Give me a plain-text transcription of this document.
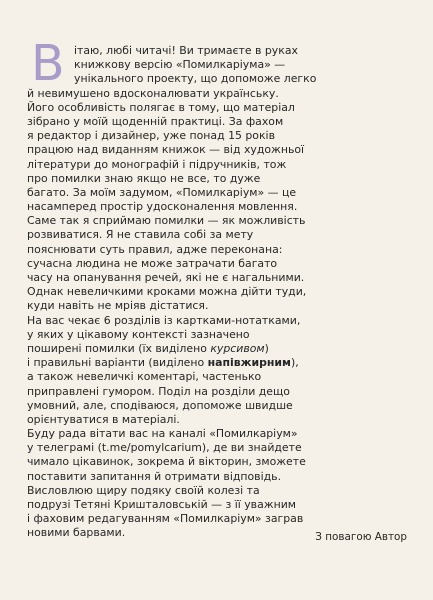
В ітаю, любі читачі! Ви тримаєте в руках
книжкову версію «Помилкаріума» —
унікального проекту, що допоможе легко
й невимушено вдосконалювати українську.
Його особливість полягає в тому, що матеріал
зібрано у моїй щоденній практиці. За фахом
я редактор і дизайнер, уже понад 15 років
працюю над виданням книжок — від художньої
літератури до монографій і підручників, тож
про помилки знаю якщо не все, то дуже
багато. За моїм задумом, «Помилкаріум» — це
насамперед простір удосконалення мовлення.
Саме так я сприймаю помилки — як можливість
розвиватися. Я не ставила собі за мету
пояснювати суть правил, адже переконана:
сучасна людина не може затрачати багато
часу на опанування речей, які не є нагальними.
Однак невеличкими кроками можна дійти туди,
куди навіть не мріяв дістатися.
На вас чекає 6 розділів із картками-нотатками,
у яких у цікавому контексті зазначено
поширені помилки (їх виділено курсивом)
і правильні варіанти (виділено напівжирним),
а також невеличкі коментарі, частенько
приправлені гумором. Поділ на розділи дещо
умовний, але, сподіваюся, допоможе швидше
орієнтуватися в матеріалі.
Буду рада вітати вас на каналі «Помилкаріум»
у телеграмі (t.me/pomylcarium), де ви знайдете
чимало цікавинок, зокрема й вікторин, зможете
поставити запитання й отримати відповідь.
Висловлюю щиру подяку своїй колезі та
подрузі Тетяні Кришталовській — з її уважним
і фаховим редагуванням «Помилкаріум» заграв
новими барвами.	З повагою Автор
